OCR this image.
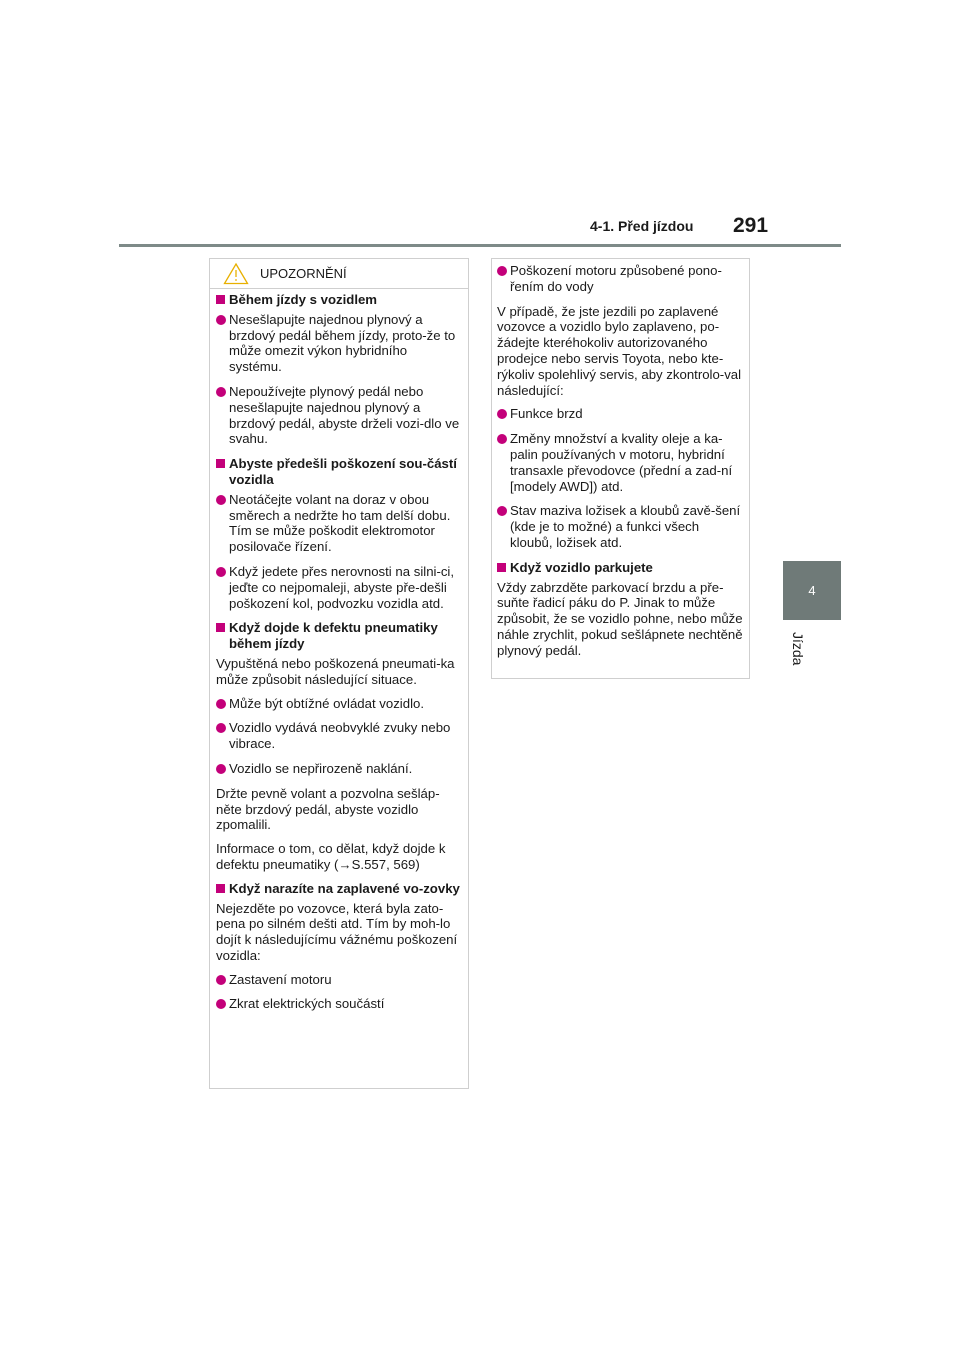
4-1. Před jízdou 291
4
Jízda
UPOZORNĚNÍ
Během jízdy s vozidlem
Nesešlapujte najednou plynový a brzdový pedál během jízdy, proto-že to může omezit výkon hybridního systému.
Nepoužívejte plynový pedál nebo nesešlapujte najednou plynový a brzdový pedál, abyste drželi vozi-dlo ve svahu.
Abyste předešli poškození sou-částí vozidla
Neotáčejte volant na doraz v obou směrech a nedržte ho tam delší dobu.
Tím se může poškodit elektromotor posilovače řízení.
Když jedete přes nerovnosti na silni-ci, jeďte co nejpomaleji, abyste pře-dešli poškození kol, podvozku vozidla atd.
Když dojde k defektu pneumatiky během jízdy
Vypuštěná nebo poškozená pneumati-ka může způsobit následující situace.
Může být obtížné ovládat vozidlo.
Vozidlo vydává neobvyklé zvuky nebo vibrace.
Vozidlo se nepřirozeně naklání.
Držte pevně volant a pozvolna sešláp-něte brzdový pedál, abyste vozidlo zpomalili.
Informace o tom, co dělat, když dojde k defektu pneumatiky (→S.557, 569)
Když narazíte na zaplavené vo-zovky
Nejezděte po vozovce, která byla zato-pena po silném dešti atd. Tím by moh-lo dojít k následujícímu vážnému poškození vozidla:
Zastavení motoru
Zkrat elektrických součástí
Poškození motoru způsobené pono-řením do vody
V případě, že jste jezdili po zaplavené vozovce a vozidlo bylo zaplaveno, po-žádejte kteréhokoliv autorizovaného prodejce nebo servis Toyota, nebo kte-rýkoliv spolehlivý servis, aby zkontrolo-val následující:
Funkce brzd
Změny množství a kvality oleje a ka-palin používaných v motoru, hybridní transaxle převodovce (přední a zad-ní [modely AWD]) atd.
Stav maziva ložisek a kloubů zavě-šení (kde je to možné) a funkci všech kloubů, ložisek atd.
Když vozidlo parkujete
Vždy zabrzděte parkovací brzdu a pře-suňte řadicí páku do P. Jinak to může způsobit, že se vozidlo pohne, nebo může náhle zrychlit, pokud sešlápnete nechtěně plynový pedál.
